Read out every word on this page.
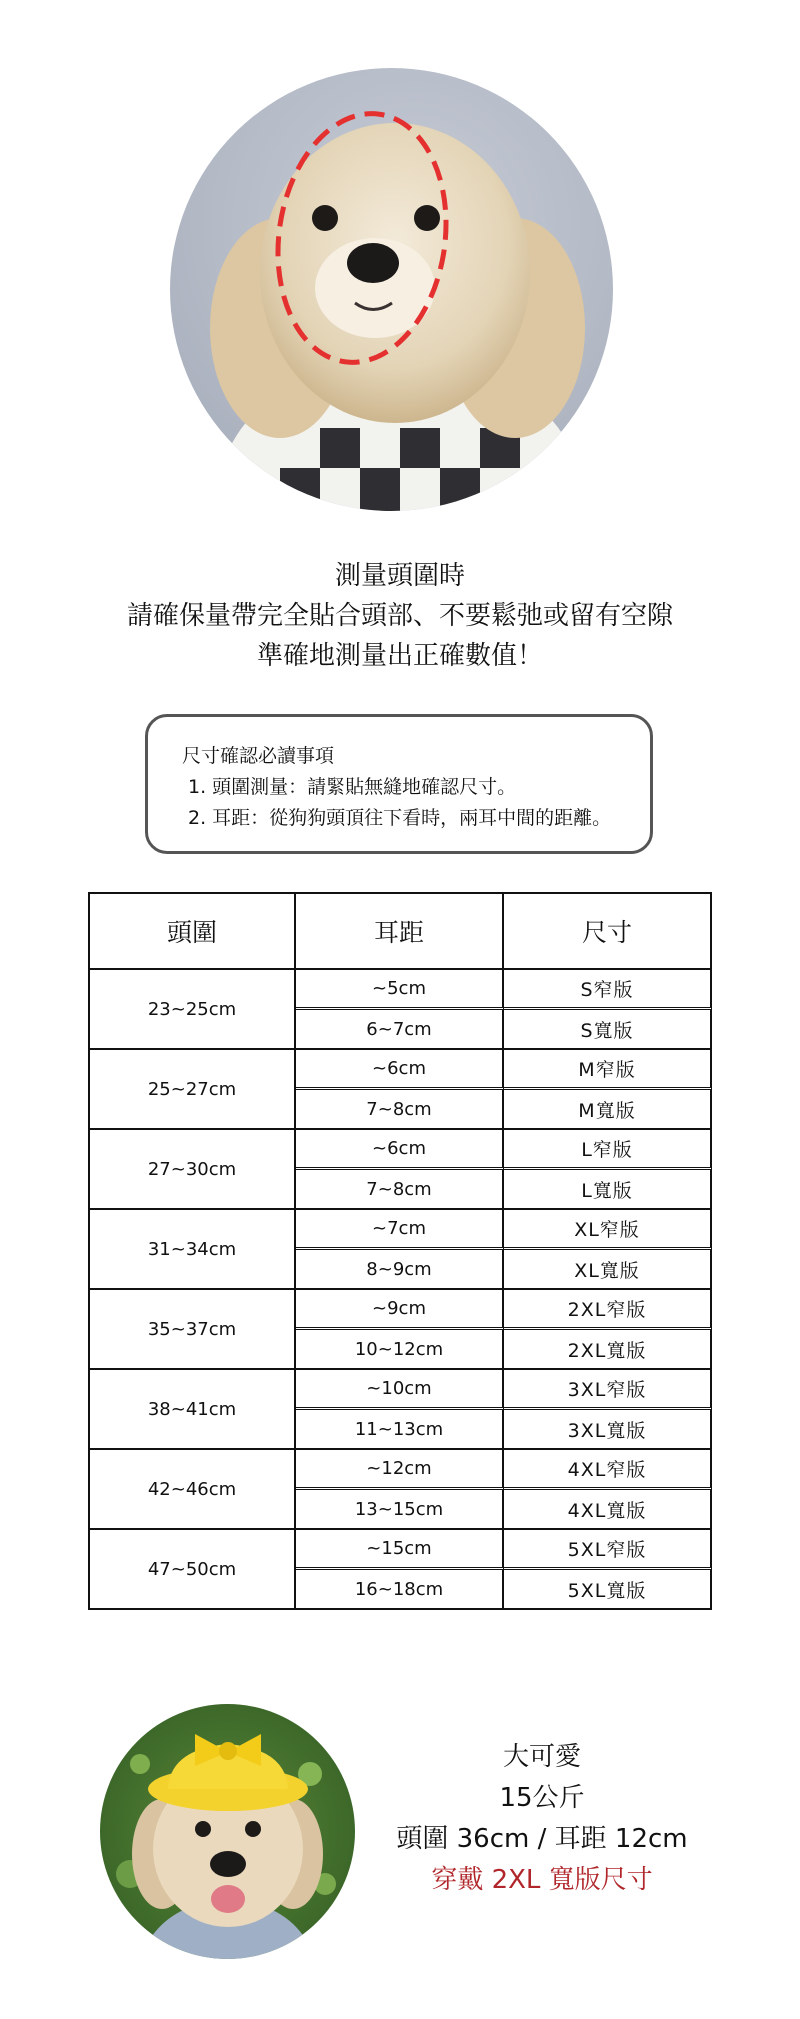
測量頭圍時
請確保量帶完全貼合頭部、不要鬆弛或留有空隙
準確地測量出正確數值！
尺寸確認必讀事項
1. 頭圍測量：請緊貼無縫地確認尺寸。
2. 耳距：從狗狗頭頂往下看時，兩耳中間的距離。
頭圍	耳距	尺寸
23~25cm
~5cm	S窄版
6~7cm	S寬版
25~27cm
~6cm	M窄版
7~8cm	M寬版
27~30cm
~6cm	L窄版
7~8cm	L寬版
31~34cm
~7cm	XL窄版
8~9cm	XL寬版
35~37cm
~9cm	2XL窄版
10~12cm	2XL寬版
38~41cm
~10cm	3XL窄版
11~13cm	3XL寬版
42~46cm
~12cm	4XL窄版
13~15cm	4XL寬版
47~50cm
~15cm	5XL窄版
16~18cm	5XL寬版
大可愛
15公斤
頭圍 36cm / 耳距 12cm
穿戴 2XL 寬版尺寸
